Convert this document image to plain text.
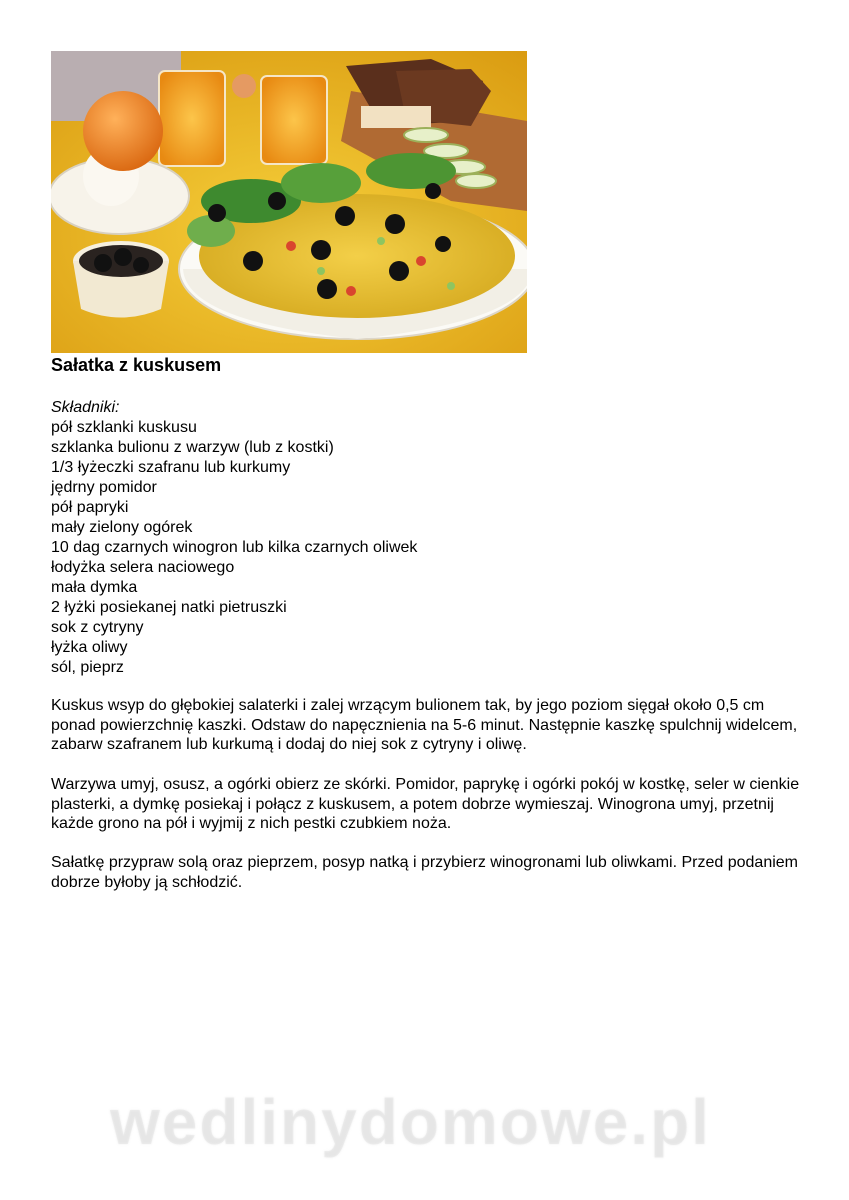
Sałatka z kuskusem
Składniki:
pół szklanki kuskusu
szklanka bulionu z warzyw (lub z kostki)
1/3 łyżeczki szafranu lub kurkumy
jędrny pomidor
pół papryki
mały zielony ogórek
10 dag czarnych winogron lub kilka czarnych oliwek
łodyżka selera naciowego
mała dymka
2 łyżki posiekanej natki pietruszki
sok z cytryny
łyżka oliwy
sól, pieprz

Kuskus wsyp do głębokiej salaterki i zalej wrzącym bulionem tak, by jego poziom sięgał około 0,5 cm ponad powierzchnię kaszki. Odstaw do napęcznienia na 5-6 minut. Następnie kaszkę spulchnij widelcem, zabarw szafranem lub kurkumą i dodaj do niej sok z cytryny i oliwę.

Warzywa umyj, osusz, a ogórki obierz ze skórki. Pomidor, paprykę i ogórki pokój w kostkę, seler w cienkie plasterki, a dymkę posiekaj i połącz z kuskusem, a potem dobrze wymieszaj. Winogrona umyj, przetnij każde grono na pół i wyjmij z nich pestki czubkiem noża.

Sałatkę przypraw solą oraz pieprzem, posyp natką i przybierz winogronami lub oliwkami. Przed podaniem dobrze byłoby ją schłodzić.

wedlinydomowe.pl
